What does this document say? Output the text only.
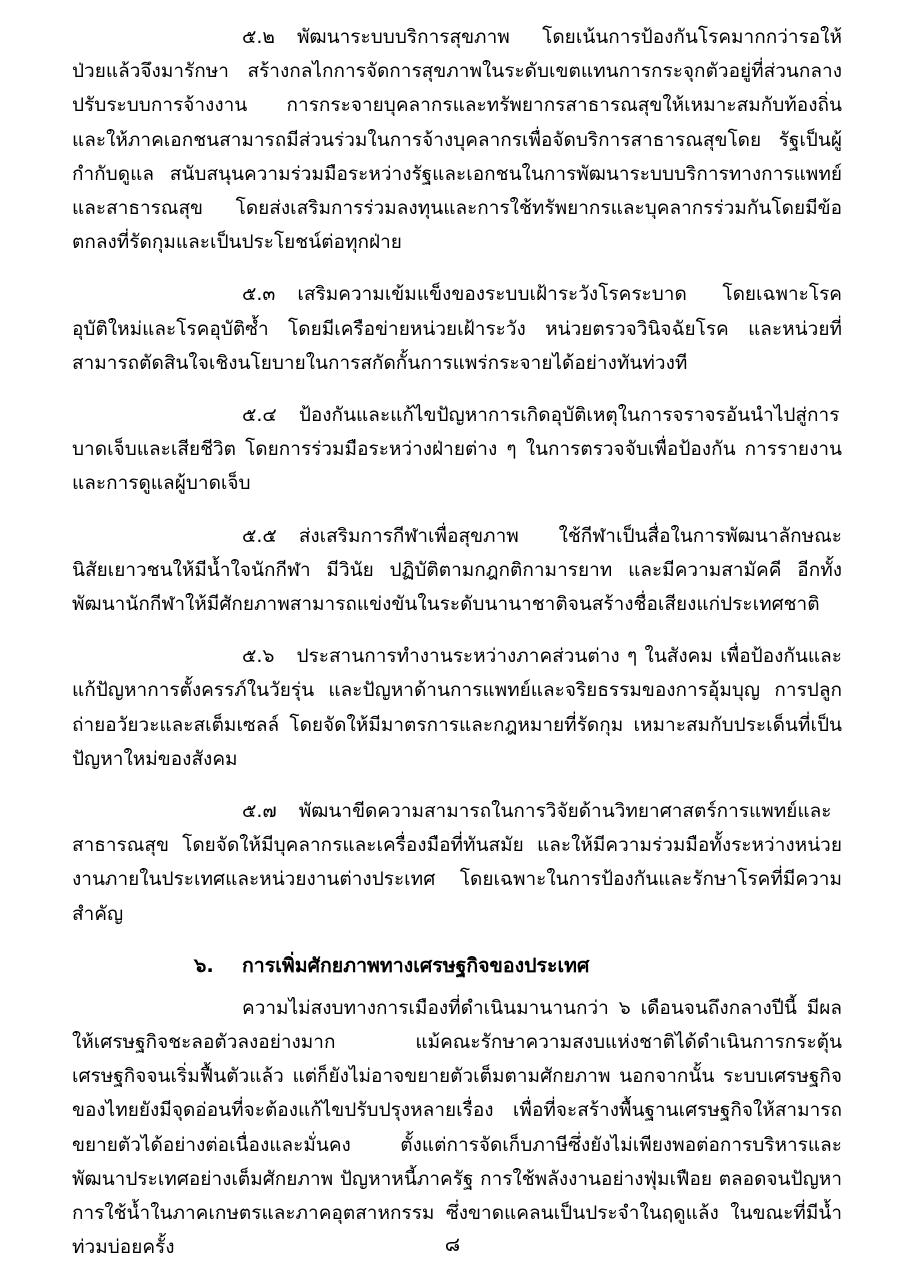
๕.๒ พัฒนาระบบบริการสุขภาพ โดยเน้นการป้องกันโรคมากกว่ารอให้ป่วยแล้วจึงมารักษา สร้างกลไกการจัดการสุขภาพในระดับเขตแทนการกระจุกตัวอยู่ที่ส่วนกลาง ปรับระบบการจ้างงาน การกระจายบุคลากรและทรัพยากรสาธารณสุขให้เหมาะสมกับท้องถิ่น และให้ภาคเอกชนสามารถมีส่วนร่วมในการจ้างบุคลากรเพื่อจัดบริการสาธารณสุขโดย รัฐเป็นผู้กำกับดูแล สนับสนุนความร่วมมือระหว่างรัฐและเอกชนในการพัฒนาระบบบริการทางการแพทย์และสาธารณสุข โดยส่งเสริมการร่วมลงทุนและการใช้ทรัพยากรและบุคลากรร่วมกันโดยมีข้อตกลงที่รัดกุมและเป็นประโยชน์ต่อทุกฝ่าย

๕.๓ เสริมความเข้มแข็งของระบบเฝ้าระวังโรคระบาด โดยเฉพาะโรคอุบัติใหม่และโรคอุบัติซ้ำ โดยมีเครือข่ายหน่วยเฝ้าระวัง หน่วยตรวจวินิจฉัยโรค และหน่วยที่สามารถตัดสินใจเชิงนโยบายในการสกัดกั้นการแพร่กระจายได้อย่างทันท่วงที

๕.๔ ป้องกันและแก้ไขปัญหาการเกิดอุบัติเหตุในการจราจรอันนำไปสู่การบาดเจ็บและเสียชีวิต โดยการร่วมมือระหว่างฝ่ายต่าง ๆ ในการตรวจจับเพื่อป้องกัน การรายงาน และการดูแลผู้บาดเจ็บ

๕.๕ ส่งเสริมการกีฬาเพื่อสุขภาพ ใช้กีฬาเป็นสื่อในการพัฒนาลักษณะนิสัยเยาวชนให้มีน้ำใจนักกีฬา มีวินัย ปฏิบัติตามกฎกติกามารยาท และมีความสามัคคี อีกทั้งพัฒนานักกีฬาให้มีศักยภาพสามารถแข่งขันในระดับนานาชาติจนสร้างชื่อเสียงแก่ประเทศชาติ

๕.๖ ประสานการทำงานระหว่างภาคส่วนต่าง ๆ ในสังคม เพื่อป้องกันและแก้ปัญหาการตั้งครรภ์ในวัยรุ่น และปัญหาด้านการแพทย์และจริยธรรมของการอุ้มบุญ การปลูกถ่ายอวัยวะและสเต็มเซลล์ โดยจัดให้มีมาตรการและกฎหมายที่รัดกุม เหมาะสมกับประเด็นที่เป็นปัญหาใหม่ของสังคม

๕.๗ พัฒนาขีดความสามารถในการวิจัยด้านวิทยาศาสตร์การแพทย์และสาธารณสุข โดยจัดให้มีบุคลากรและเครื่องมือที่ทันสมัย และให้มีความร่วมมือทั้งระหว่างหน่วยงานภายในประเทศและหน่วยงานต่างประเทศ โดยเฉพาะในการป้องกันและรักษาโรคที่มีความสำคัญ

๖. การเพิ่มศักยภาพทางเศรษฐกิจของประเทศ

ความไม่สงบทางการเมืองที่ดำเนินมานานกว่า ๖ เดือนจนถึงกลางปีนี้ มีผลให้เศรษฐกิจชะลอตัวลงอย่างมาก แม้คณะรักษาความสงบแห่งชาติได้ดำเนินการกระตุ้นเศรษฐกิจจนเริ่มฟื้นตัวแล้ว แต่ก็ยังไม่อาจขยายตัวเต็มตามศักยภาพ นอกจากนั้น ระบบเศรษฐกิจของไทยยังมีจุดอ่อนที่จะต้องแก้ไขปรับปรุงหลายเรื่อง เพื่อที่จะสร้างพื้นฐานเศรษฐกิจให้สามารถขยายตัวได้อย่างต่อเนื่องและมั่นคง ตั้งแต่การจัดเก็บภาษีซึ่งยังไม่เพียงพอต่อการบริหารและพัฒนาประเทศอย่างเต็มศักยภาพ ปัญหาหนี้ภาครัฐ การใช้พลังงานอย่างฟุ่มเฟือย ตลอดจนปัญหาการใช้น้ำในภาคเกษตรและภาคอุตสาหกรรม ซึ่งขาดแคลนเป็นประจำในฤดูแล้ง ในขณะที่มีน้ำท่วมบ่อยครั้ง	๘
